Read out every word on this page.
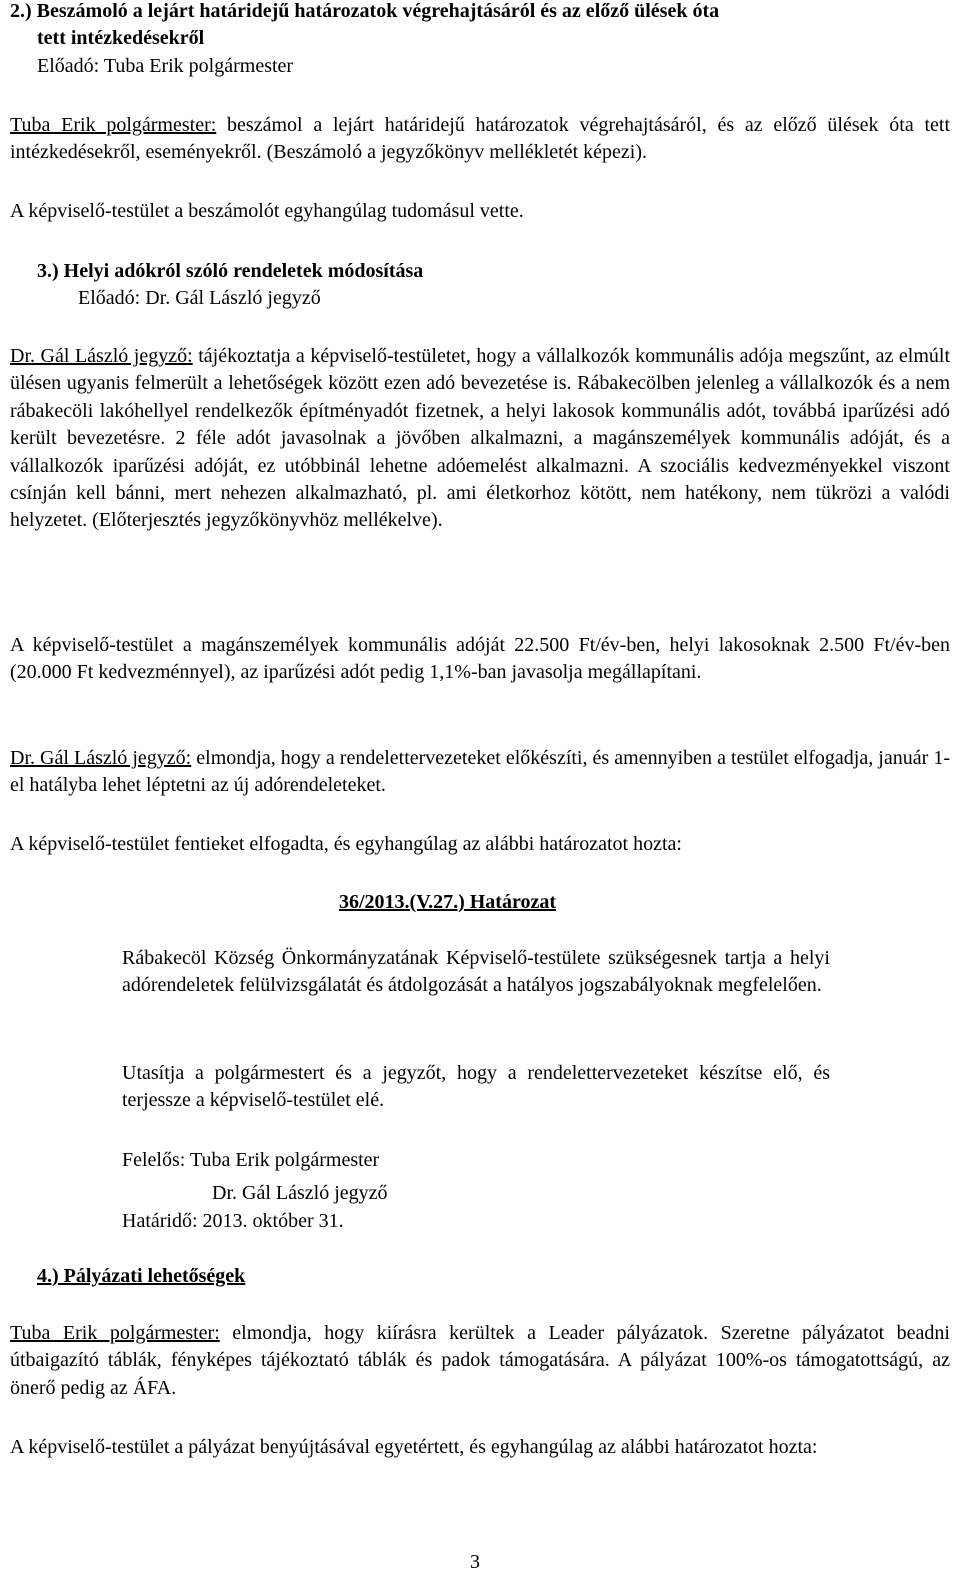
2.) Beszámoló a lejárt határidejű határozatok végrehajtásáról és az előző ülések óta

tett intézkedésekről

Előadó: Tuba Erik polgármester

Tuba Erik polgármester: beszámol a lejárt határidejű határozatok végrehajtásáról, és az előző ülések óta tett intézkedésekről, eseményekről. (Beszámoló a jegyzőkönyv mellékletét képezi).

A képviselő-testület a beszámolót egyhangúlag tudomásul vette.

3.) Helyi adókról szóló rendeletek módosítása

Előadó: Dr. Gál László jegyző

Dr. Gál László jegyző: tájékoztatja a képviselő-testületet, hogy a vállalkozók kommunális adója megszűnt, az elmúlt ülésen ugyanis felmerült a lehetőségek között ezen adó bevezetése is. Rábakecölben jelenleg a vállalkozók és a nem rábakecöli lakóhellyel rendelkezők építményadót fizetnek, a helyi lakosok kommunális adót, továbbá iparűzési adó került bevezetésre. 2 féle adót javasolnak a jövőben alkalmazni, a magánszemélyek kommunális adóját, és a vállalkozók iparűzési adóját, ez utóbbinál lehetne adóemelést alkalmazni. A szociális kedvezményekkel viszont csínján kell bánni, mert nehezen alkalmazható, pl. ami életkorhoz kötött, nem hatékony, nem tükrözi a valódi helyzetet. (Előterjesztés jegyzőkönyvhöz mellékelve).

A képviselő-testület a magánszemélyek kommunális adóját 22.500 Ft/év-ben, helyi lakosoknak 2.500 Ft/év-ben (20.000 Ft kedvezménnyel), az iparűzési adót pedig 1,1%-ban javasolja megállapítani.

Dr. Gál László jegyző: elmondja, hogy a rendelettervezeteket előkészíti, és amennyiben a testület elfogadja, január 1-el hatályba lehet léptetni az új adórendeleteket.

A képviselő-testület fentieket elfogadta, és egyhangúlag az alábbi határozatot hozta:

36/2013.(V.27.) Határozat

Rábakecöl Község Önkormányzatának Képviselő-testülete szükségesnek tartja a helyi adórendeletek felülvizsgálatát és átdolgozását a hatályos jogszabályoknak megfelelően.

Utasítja a polgármestert és a jegyzőt, hogy a rendelettervezeteket készítse elő, és terjessze a képviselő-testület elé.

Felelős: Tuba Erik polgármester

Dr. Gál László jegyző

Határidő: 2013. október 31.

4.) Pályázati lehetőségek

Tuba Erik polgármester: elmondja, hogy kiírásra kerültek a Leader pályázatok. Szeretne pályázatot beadni útbaigazító táblák, fényképes tájékoztató táblák és padok támogatására. A pályázat 100%-os támogatottságú, az önerő pedig az ÁFA.

A képviselő-testület a pályázat benyújtásával egyetértett, és egyhangúlag az alábbi határozatot hozta:

3
